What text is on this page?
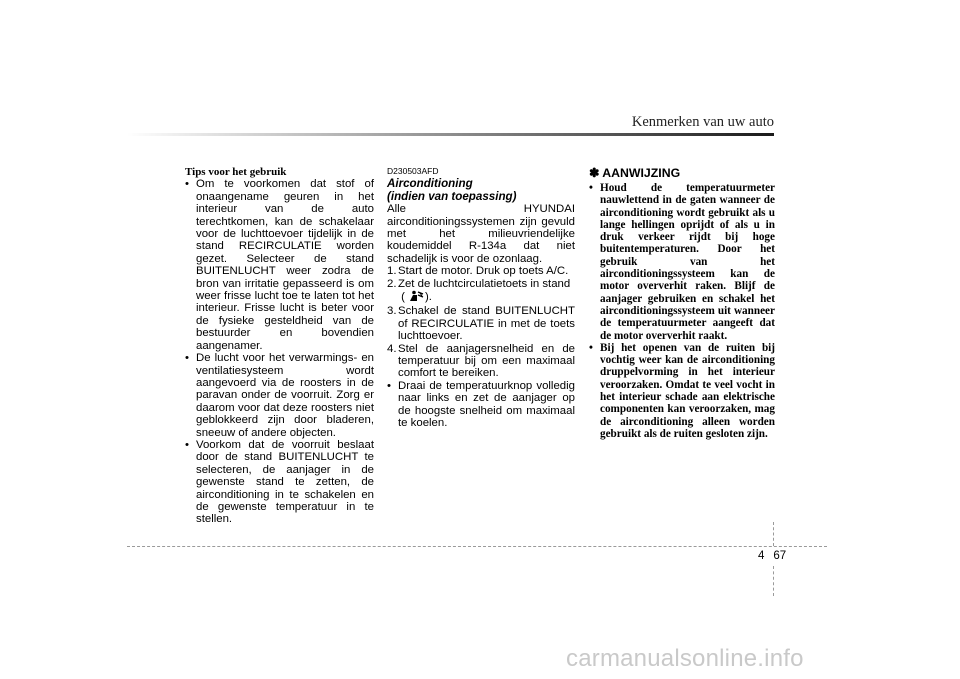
Kenmerken van uw auto
Tips voor het gebruik
• Om te voorkomen dat stof of onaangename geuren in het interieur van de auto terechtkomen, kan de schakelaar voor de luchttoevoer tijdelijk in de stand RECIRCULATIE worden gezet. Selecteer de stand BUITENLUCHT weer zodra de bron van irritatie gepasseerd is om weer frisse lucht toe te laten tot het interieur. Frisse lucht is beter voor de fysieke gesteldheid van de bestuurder en bovendien aangenamer.
• De lucht voor het verwarmings- en ventilatiesysteem wordt aangevoerd via de roosters in de paravan onder de voorruit. Zorg er daarom voor dat deze roosters niet geblokkeerd zijn door bladeren, sneeuw of andere objecten.
• Voorkom dat de voorruit beslaat door de stand BUITENLUCHT te selecteren, de aanjager in de gewenste stand te zetten, de airconditioning in te schakelen en de gewenste temperatuur in te stellen.
D230503AFD
Airconditioning
(indien van toepassing)

Alle HYUNDAI airconditioningssystemen zijn gevuld met het milieuvriendelijke koudemiddel R-134a dat niet schadelijk is voor de ozonlaag.

1. Start de motor. Druk op toets A/C.
2. Zet de luchtcirculatietoets in stand
( ).
3. Schakel de stand BUITENLUCHT of RECIRCULATIE in met de toets luchttoevoer.
4. Stel de aanjagersnelheid en de temperatuur bij om een maximaal comfort te bereiken.
• Draai de temperatuurknop volledig naar links en zet de aanjager op de hoogste snelheid om maximaal te koelen.
✽ AANWIJZING
• Houd de temperatuurmeter nauwlettend in de gaten wanneer de airconditioning wordt gebruikt als u lange hellingen oprijdt of als u in druk verkeer rijdt bij hoge buitentemperaturen. Door het gebruik van het airconditioningssysteem kan de motor oververhit raken. Blijf de aanjager gebruiken en schakel het airconditioningssysteem uit wanneer de temperatuurmeter aangeeft dat de motor oververhit raakt.
• Bij het openen van de ruiten bij vochtig weer kan de airconditioning druppelvorming in het interieur veroorzaken. Omdat te veel vocht in het interieur schade aan elektrische componenten kan veroorzaken, mag de airconditioning alleen worden gebruikt als de ruiten gesloten zijn.
4 67
carmanualsonline.info
